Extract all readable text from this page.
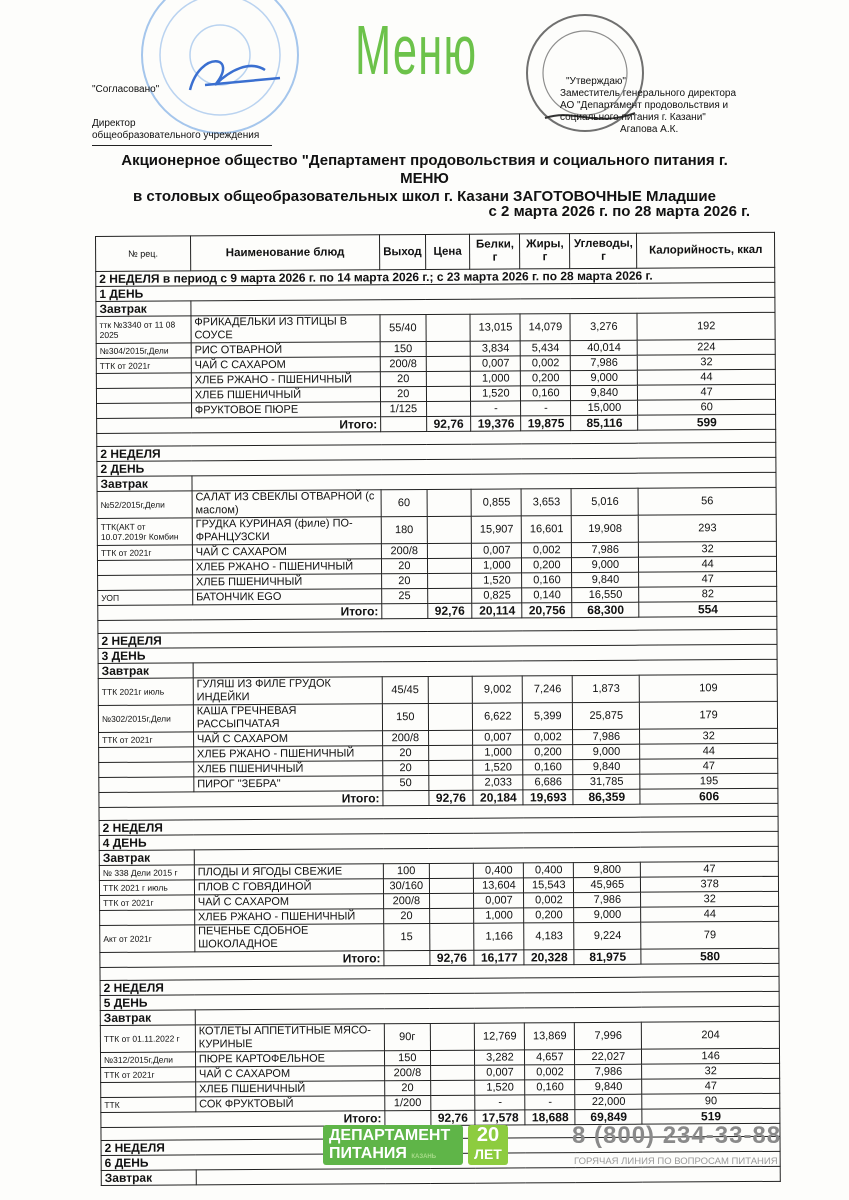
"Согласовано"
Директор
общеобразовательного учреждения
Меню	"Утверждаю"
Заместитель генерального директора
АО "Департамент продовольствия и
социального питания г. Казани"
Агапова А.К.
Акционерное общество "Департамент продовольствия и социального питания г.
МЕНЮ
в столовых общеобразовательных школ г. Казани ЗАГОТОВОЧНЫЕ Младшие
с 2 марта 2026 г. по 28 марта 2026 г.
№ рец.	Наименование блюд	Выход	Цена	Белки, г	Жиры, г	Углеводы, г	Калорийность, ккал
2 НЕДЕЛЯ в период с 9 марта 2026 г. по 14 марта 2026 г.; с 23 марта 2026 г. по 28 марта 2026 г.							
1 ДЕНЬ							
Завтрак							
ттк №3340 от 11 08 2025	ФРИКАДЕЛЬКИ ИЗ ПТИЦЫ В СОУСЕ	55/40		13,015	14,079	3,276	192
№304/2015г,Дели	РИС ОТВАРНОЙ	150		3,834	5,434	40,014	224
ТТК от 2021г	ЧАЙ С САХАРОМ	200/8		0,007	0,002	7,986	32
	ХЛЕБ РЖАНО - ПШЕНИЧНЫЙ	20		1,000	0,200	9,000	44
	ХЛЕБ ПШЕНИЧНЫЙ	20		1,520	0,160	9,840	47
	ФРУКТОВОЕ ПЮРЕ	1/125		-	-	15,000	60
Итого:			92,76	19,376	19,875	85,116	599

2 НЕДЕЛЯ							
2 ДЕНЬ							
Завтрак							
№52/2015г,Дели	САЛАТ ИЗ СВЕКЛЫ ОТВАРНОЙ (с маслом)	60		0,855	3,653	5,016	56
ТТК(АКТ от 10.07.2019г Комбин	ГРУДКА КУРИНАЯ (филе) ПО-ФРАНЦУЗСКИ	180		15,907	16,601	19,908	293
ТТК от 2021г	ЧАЙ С САХАРОМ	200/8		0,007	0,002	7,986	32
	ХЛЕБ РЖАНО - ПШЕНИЧНЫЙ	20		1,000	0,200	9,000	44
	ХЛЕБ ПШЕНИЧНЫЙ	20		1,520	0,160	9,840	47
УОП	БАТОНЧИК EGO	25		0,825	0,140	16,550	82
Итого:			92,76	20,114	20,756	68,300	554

2 НЕДЕЛЯ							
3 ДЕНЬ							
Завтрак							
ТТК 2021г июль	ГУЛЯШ ИЗ ФИЛЕ ГРУДОК ИНДЕЙКИ	45/45		9,002	7,246	1,873	109
№302/2015г,Дели	КАША ГРЕЧНЕВАЯ РАССЫПЧАТАЯ	150		6,622	5,399	25,875	179
ТТК от 2021г	ЧАЙ С САХАРОМ	200/8		0,007	0,002	7,986	32
	ХЛЕБ РЖАНО - ПШЕНИЧНЫЙ	20		1,000	0,200	9,000	44
	ХЛЕБ ПШЕНИЧНЫЙ	20		1,520	0,160	9,840	47
	ПИРОГ "ЗЕБРА"	50		2,033	6,686	31,785	195
Итого:			92,76	20,184	19,693	86,359	606

2 НЕДЕЛЯ							
4 ДЕНЬ							
Завтрак							
№ 338 Дели 2015 г	ПЛОДЫ И ЯГОДЫ СВЕЖИЕ	100		0,400	0,400	9,800	47
ТТК 2021 г июль	ПЛОВ С ГОВЯДИНОЙ	30/160		13,604	15,543	45,965	378
ТТК от 2021г	ЧАЙ С САХАРОМ	200/8		0,007	0,002	7,986	32
	ХЛЕБ РЖАНО - ПШЕНИЧНЫЙ	20		1,000	0,200	9,000	44
Акт от 2021г	ПЕЧЕНЬЕ СДОБНОЕ ШОКОЛАДНОЕ	15		1,166	4,183	9,224	79
Итого:			92,76	16,177	20,328	81,975	580

2 НЕДЕЛЯ							
5 ДЕНЬ							
Завтрак							
ТТК от 01.11.2022 г	КОТЛЕТЫ АППЕТИТНЫЕ МЯСО-КУРИНЫЕ	90г		12,769	13,869	7,996	204
№312/2015г,Дели	ПЮРЕ КАРТОФЕЛЬНОЕ	150		3,282	4,657	22,027	146
ТТК от 2021г	ЧАЙ С САХАРОМ	200/8		0,007	0,002	7,986	32
	ХЛЕБ ПШЕНИЧНЫЙ	20		1,520	0,160	9,840	47
ТТК	СОК ФРУКТОВЫЙ	1/200		-	-	22,000	90
Итого:			92,76	17,578	18,688	69,849	519

2 НЕДЕЛЯ							
6 ДЕНЬ							
Завтрак							
ДЕПАРТАМЕНТ
ПИТАНИЯ КАЗАНЬ
20
ЛЕТ
8 (800) 234-33-88
ГОРЯЧАЯ ЛИНИЯ ПО ВОПРОСАМ ПИТАНИЯ
